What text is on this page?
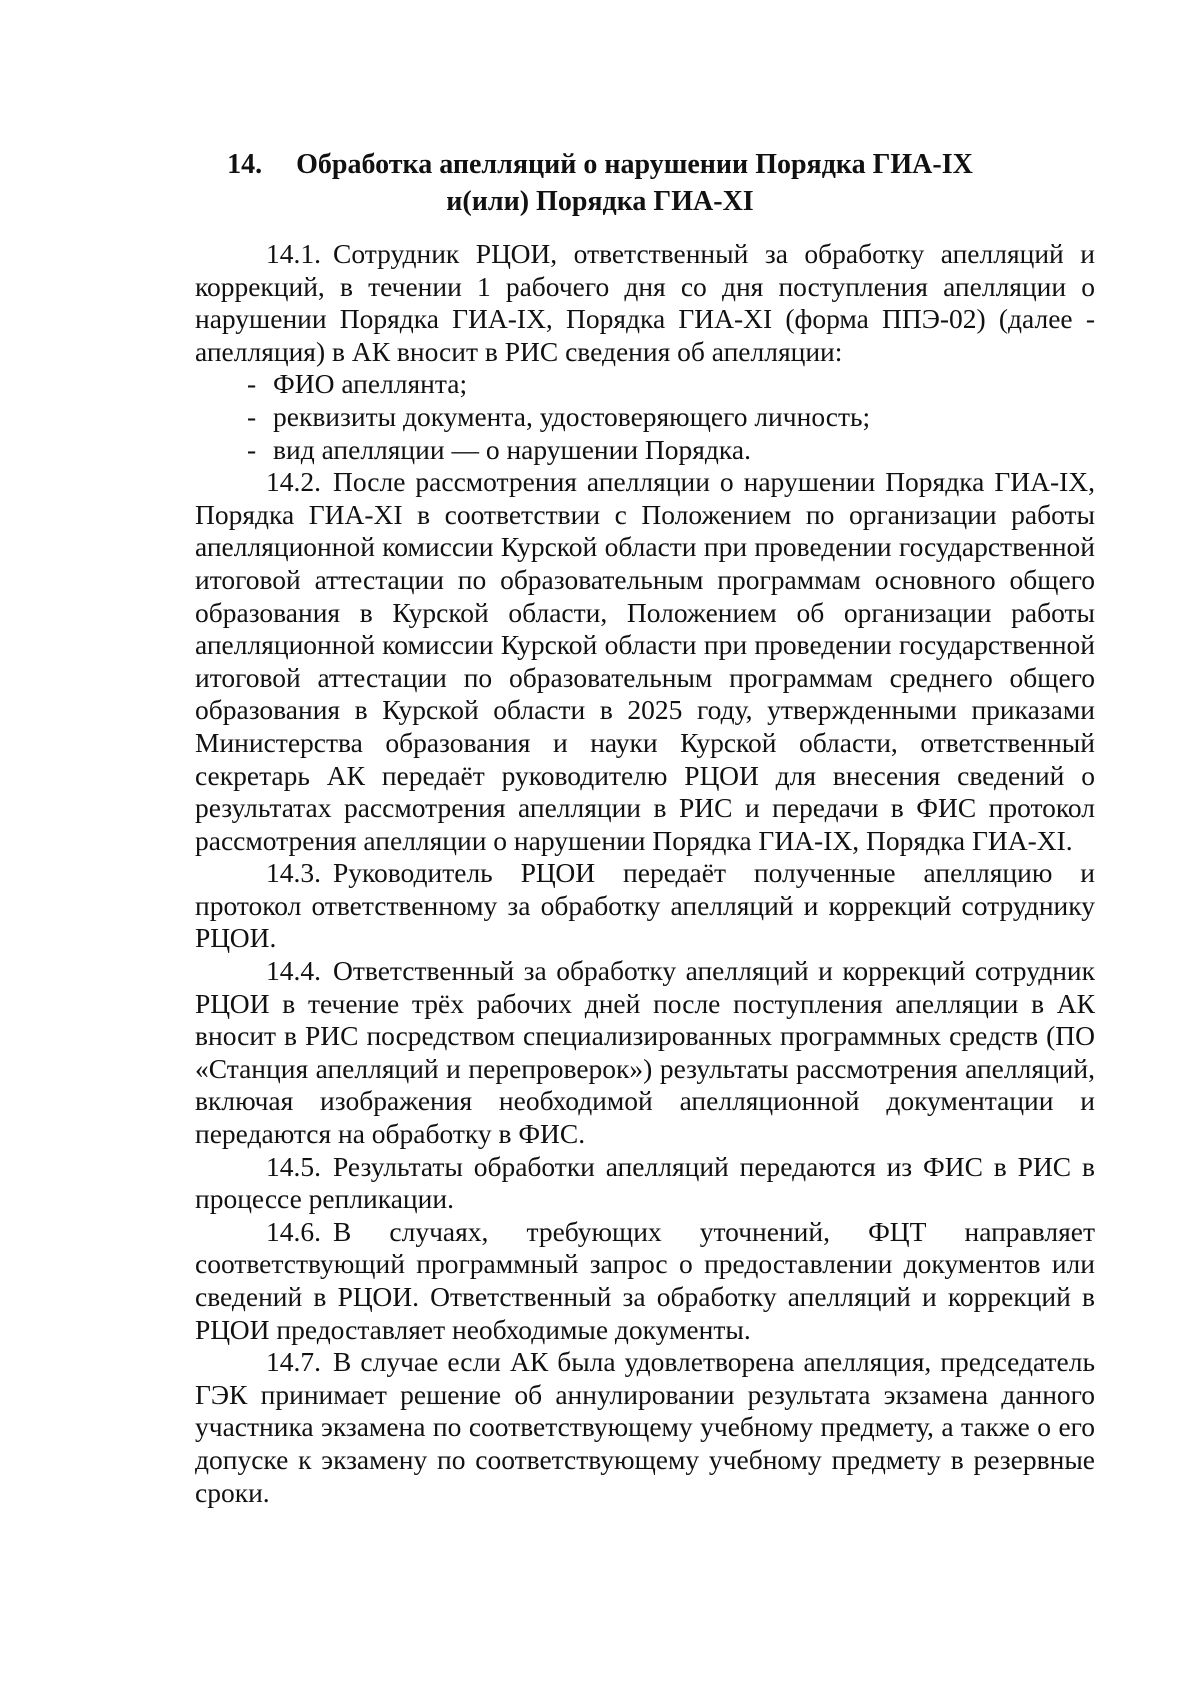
14. Обработка апелляций о нарушении Порядка ГИА-IX
и(или) Порядка ГИА-XI

14.1. Сотрудник РЦОИ, ответственный за обработку апелляций и коррекций, в течении 1 рабочего дня со дня поступления апелляции о нарушении Порядка ГИА-IX, Порядка ГИА-XI (форма ППЭ-02) (далее - апелляция) в АК вносит в РИС сведения об апелляции:

- ФИО апеллянта;
- реквизиты документа, удостоверяющего личность;
- вид апелляции — о нарушении Порядка.

14.2. После рассмотрения апелляции о нарушении Порядка ГИА-IX, Порядка ГИА-XI в соответствии с Положением по организации работы апелляционной комиссии Курской области при проведении государственной итоговой аттестации по образовательным программам основного общего образования в Курской области, Положением об организации работы апелляционной комиссии Курской области при проведении государственной итоговой аттестации по образовательным программам среднего общего образования в Курской области в 2025 году, утвержденными приказами Министерства образования и науки Курской области, ответственный секретарь АК передаёт руководителю РЦОИ для внесения сведений о результатах рассмотрения апелляции в РИС и передачи в ФИС протокол рассмотрения апелляции о нарушении Порядка ГИА-IX, Порядка ГИА-XI.

14.3. Руководитель РЦОИ передаёт полученные апелляцию и протокол ответственному за обработку апелляций и коррекций сотруднику РЦОИ.

14.4. Ответственный за обработку апелляций и коррекций сотрудник РЦОИ в течение трёх рабочих дней после поступления апелляции в АК вносит в РИС посредством специализированных программных средств (ПО «Станция апелляций и перепроверок») результаты рассмотрения апелляций, включая изображения необходимой апелляционной документации и передаются на обработку в ФИС.

14.5. Результаты обработки апелляций передаются из ФИС в РИС в процессе репликации.

14.6. В случаях, требующих уточнений, ФЦТ направляет соответствующий программный запрос о предоставлении документов или сведений в РЦОИ. Ответственный за обработку апелляций и коррекций в РЦОИ предоставляет необходимые документы.

14.7. В случае если АК была удовлетворена апелляция, председатель ГЭК принимает решение об аннулировании результата экзамена данного участника экзамена по соответствующему учебному предмету, а также о его допуске к экзамену по соответствующему учебному предмету в резервные сроки.
